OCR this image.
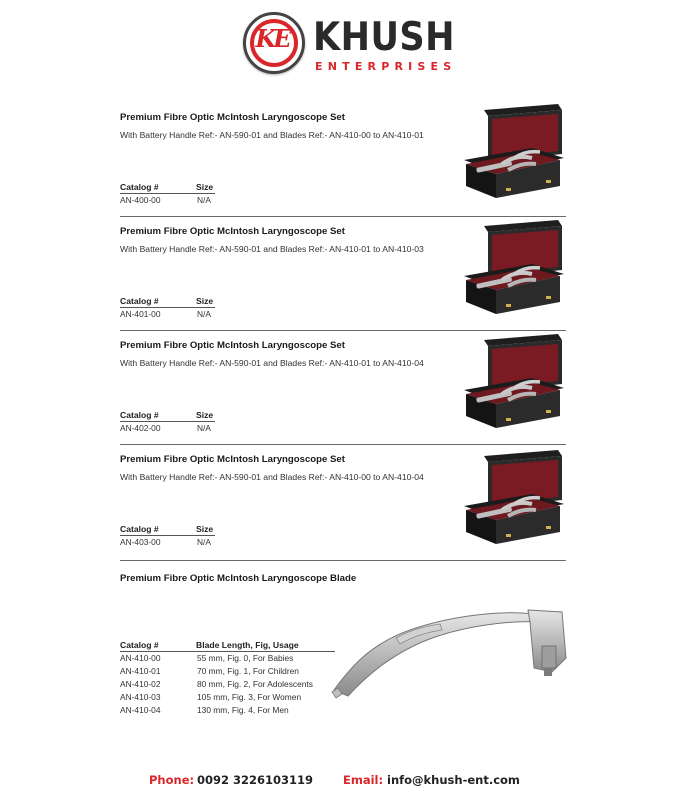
KE KHUSH
ENTERPRISES
Premium Fibre Optic McIntosh Laryngoscope Set
With Battery Handle Ref:- AN-590-01 and Blades Ref:- AN-410-00 to AN-410-01
Catalog #	Size
AN-400-00	N/A
Premium Fibre Optic McIntosh Laryngoscope Set
With Battery Handle Ref:- AN-590-01 and Blades Ref:- AN-410-01 to AN-410-03
Catalog #	Size
AN-401-00	N/A
Premium Fibre Optic McIntosh Laryngoscope Set
With Battery Handle Ref:- AN-590-01 and Blades Ref:- AN-410-01 to AN-410-04
Catalog #	Size
AN-402-00	N/A
Premium Fibre Optic McIntosh Laryngoscope Set
With Battery Handle Ref:- AN-590-01 and Blades Ref:- AN-410-00 to AN-410-04
Catalog #	Size
AN-403-00	N/A
Premium Fibre Optic McIntosh Laryngoscope Blade
Catalog #	Blade Length, Fig, Usage
AN-410-00	55 mm, Fig. 0, For Babies
AN-410-01	70 mm, Fig. 1, For Children
AN-410-02	80 mm, Fig. 2, For Adolescents
AN-410-03	105 mm, Fig. 3, For Women
AN-410-04	130 mm, Fig. 4, For Men
Phone: 0092 3226103119	Email: info@khush-ent.com
